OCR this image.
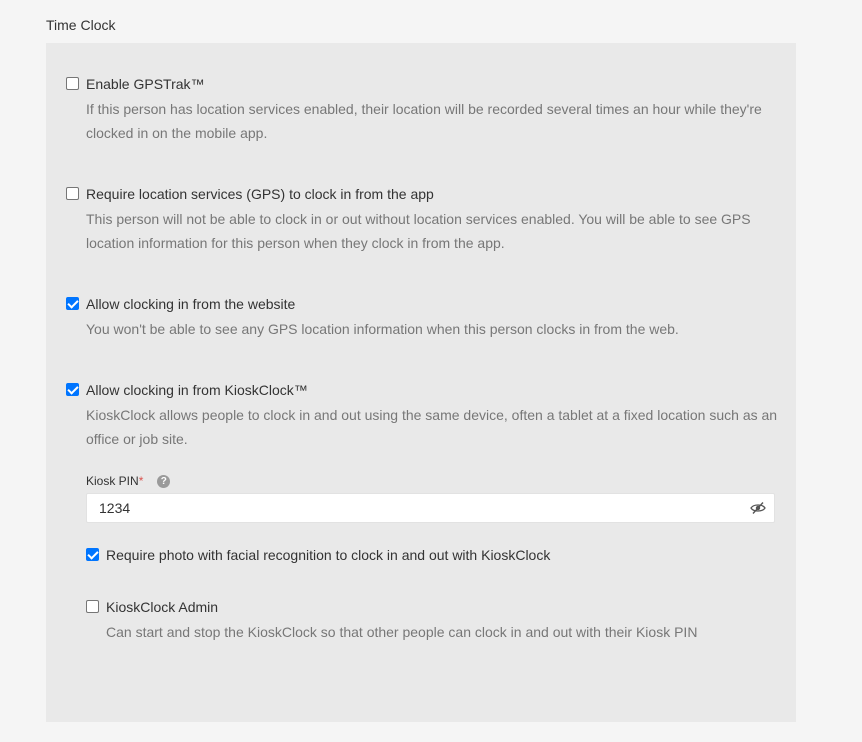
Time Clock
Enable GPSTrak™
If this person has location services enabled, their location will be recorded several times an hour while they're clocked in on the mobile app.
Require location services (GPS) to clock in from the app
This person will not be able to clock in or out without location services enabled. You will be able to see GPS location information for this person when they clock in from the app.
Allow clocking in from the website
You won't be able to see any GPS location information when this person clocks in from the web.
Allow clocking in from KioskClock™
KioskClock allows people to clock in and out using the same device, often a tablet at a fixed location such as an office or job site.
Kiosk PIN *	?
1234
Require photo with facial recognition to clock in and out with KioskClock
KioskClock Admin
Can start and stop the KioskClock so that other people can clock in and out with their Kiosk PIN
